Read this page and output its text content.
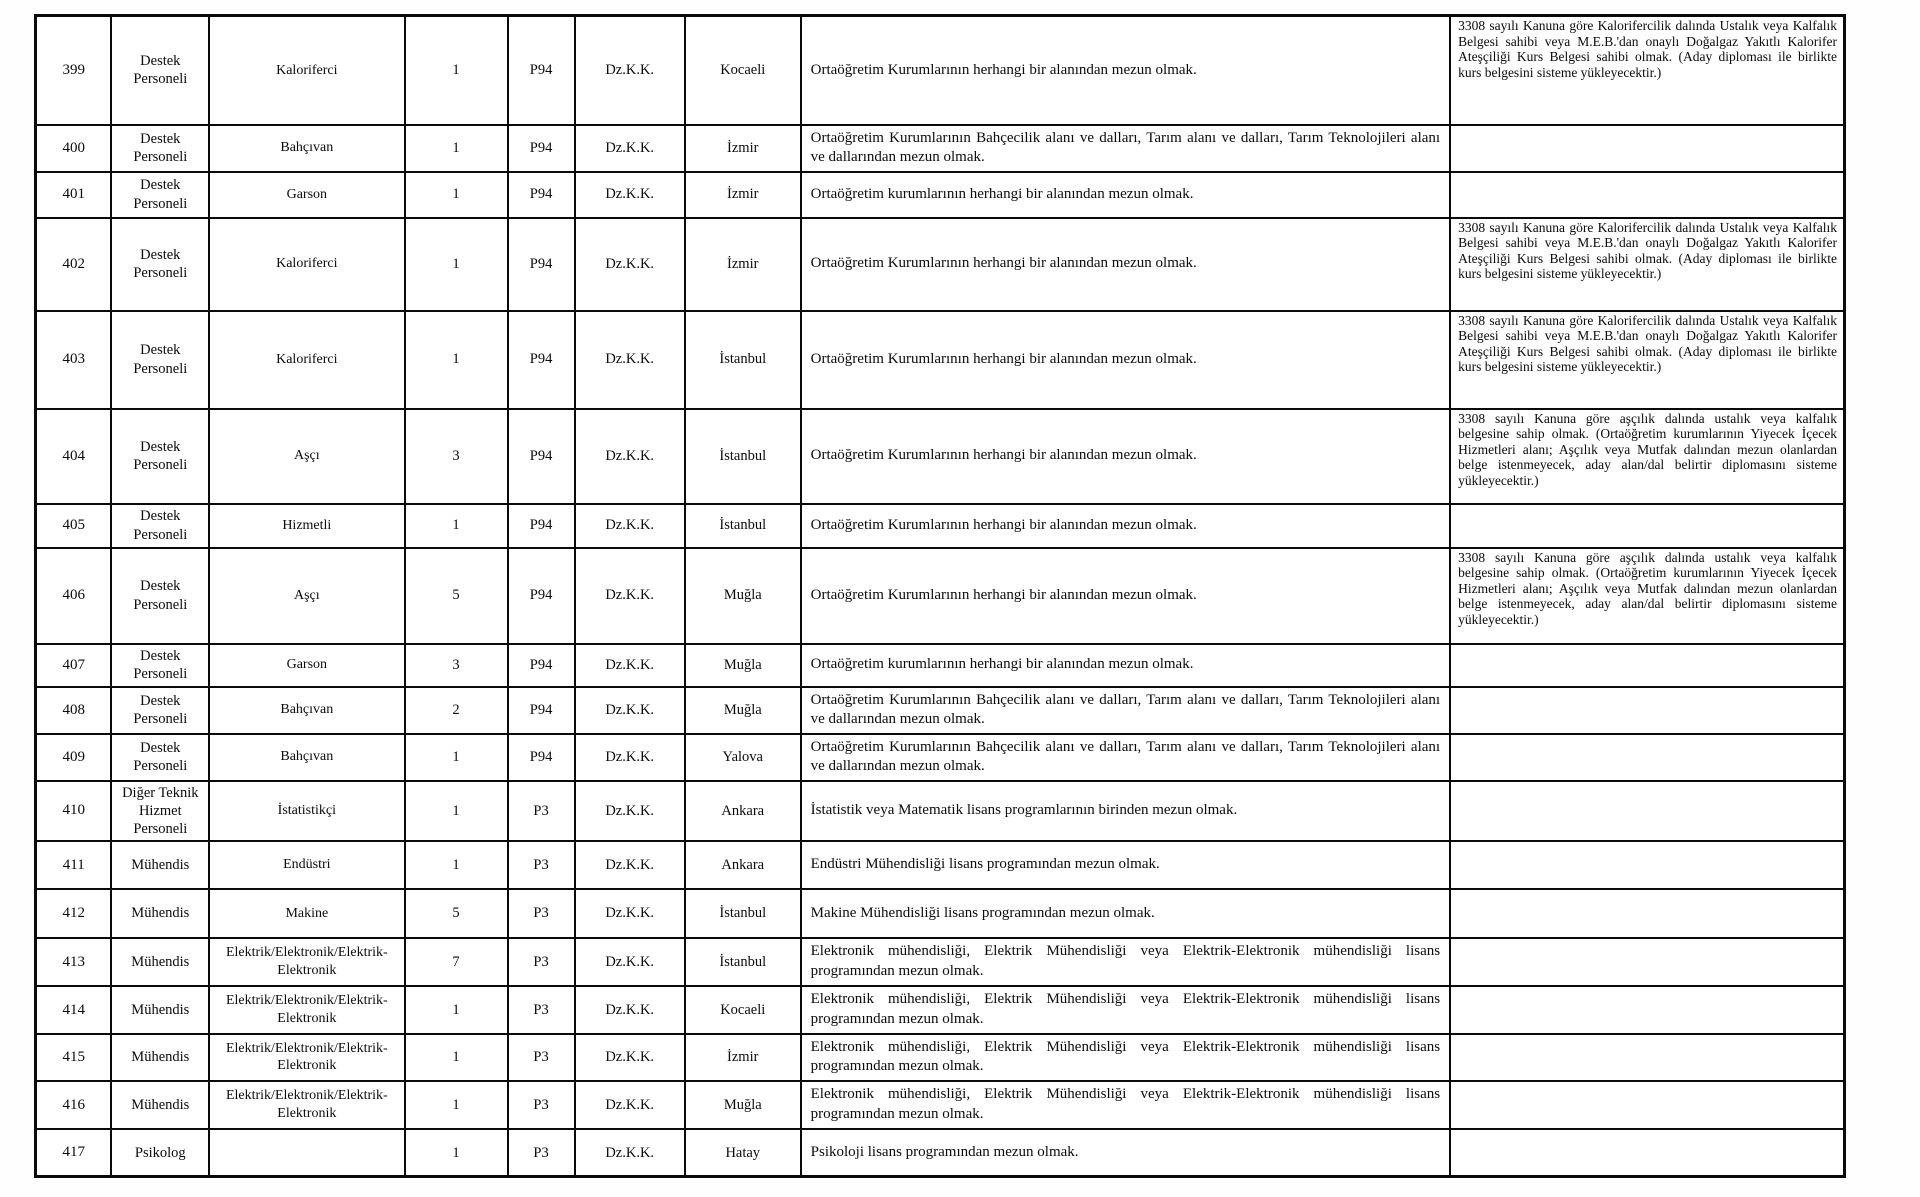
399	Destek Personeli	Kaloriferci	1	P94	Dz.K.K.	Kocaeli	Ortaöğretim Kurumlarının herhangi bir alanından mezun olmak.	3308 sayılı Kanuna göre Kalorifercilik dalında Ustalık veya Kalfalık Belgesi sahibi veya M.E.B.'dan onaylı Doğalgaz Yakıtlı Kalorifer Ateşçiliği Kurs Belgesi sahibi olmak. (Aday diploması ile birlikte kurs belgesini sisteme yükleyecektir.)
400	Destek Personeli	Bahçıvan	1	P94	Dz.K.K.	İzmir	Ortaöğretim Kurumlarının Bahçecilik alanı ve dalları, Tarım alanı ve dalları, Tarım Teknolojileri alanı ve dallarından mezun olmak.	
401	Destek Personeli	Garson	1	P94	Dz.K.K.	İzmir	Ortaöğretim kurumlarının herhangi bir alanından mezun olmak.	
402	Destek Personeli	Kaloriferci	1	P94	Dz.K.K.	İzmir	Ortaöğretim Kurumlarının herhangi bir alanından mezun olmak.	3308 sayılı Kanuna göre Kalorifercilik dalında Ustalık veya Kalfalık Belgesi sahibi veya M.E.B.'dan onaylı Doğalgaz Yakıtlı Kalorifer Ateşçiliği Kurs Belgesi sahibi olmak. (Aday diploması ile birlikte kurs belgesini sisteme yükleyecektir.)
403	Destek Personeli	Kaloriferci	1	P94	Dz.K.K.	İstanbul	Ortaöğretim Kurumlarının herhangi bir alanından mezun olmak.	3308 sayılı Kanuna göre Kalorifercilik dalında Ustalık veya Kalfalık Belgesi sahibi veya M.E.B.'dan onaylı Doğalgaz Yakıtlı Kalorifer Ateşçiliği Kurs Belgesi sahibi olmak. (Aday diploması ile birlikte kurs belgesini sisteme yükleyecektir.)
404	Destek Personeli	Aşçı	3	P94	Dz.K.K.	İstanbul	Ortaöğretim Kurumlarının herhangi bir alanından mezun olmak.	3308 sayılı Kanuna göre aşçılık dalında ustalık veya kalfalık belgesine sahip olmak. (Ortaöğretim kurumlarının Yiyecek İçecek Hizmetleri alanı; Aşçılık veya Mutfak dalından mezun olanlardan belge istenmeyecek, aday alan/dal belirtir diplomasını sisteme yükleyecektir.)
405	Destek Personeli	Hizmetli	1	P94	Dz.K.K.	İstanbul	Ortaöğretim Kurumlarının herhangi bir alanından mezun olmak.	
406	Destek Personeli	Aşçı	5	P94	Dz.K.K.	Muğla	Ortaöğretim Kurumlarının herhangi bir alanından mezun olmak.	3308 sayılı Kanuna göre aşçılık dalında ustalık veya kalfalık belgesine sahip olmak. (Ortaöğretim kurumlarının Yiyecek İçecek Hizmetleri alanı; Aşçılık veya Mutfak dalından mezun olanlardan belge istenmeyecek, aday alan/dal belirtir diplomasını sisteme yükleyecektir.)
407	Destek Personeli	Garson	3	P94	Dz.K.K.	Muğla	Ortaöğretim kurumlarının herhangi bir alanından mezun olmak.	
408	Destek Personeli	Bahçıvan	2	P94	Dz.K.K.	Muğla	Ortaöğretim Kurumlarının Bahçecilik alanı ve dalları, Tarım alanı ve dalları, Tarım Teknolojileri alanı ve dallarından mezun olmak.	
409	Destek Personeli	Bahçıvan	1	P94	Dz.K.K.	Yalova	Ortaöğretim Kurumlarının Bahçecilik alanı ve dalları, Tarım alanı ve dalları, Tarım Teknolojileri alanı ve dallarından mezun olmak.	
410	Diğer Teknik Hizmet Personeli	İstatistikçi	1	P3	Dz.K.K.	Ankara	İstatistik veya Matematik lisans programlarının birinden mezun olmak.	
411	Mühendis	Endüstri	1	P3	Dz.K.K.	Ankara	Endüstri Mühendisliği lisans programından mezun olmak.	
412	Mühendis	Makine	5	P3	Dz.K.K.	İstanbul	Makine Mühendisliği lisans programından mezun olmak.	
413	Mühendis	Elektrik/Elektronik/Elektrik-Elektronik	7	P3	Dz.K.K.	İstanbul	Elektronik mühendisliği, Elektrik Mühendisliği veya Elektrik-Elektronik mühendisliği lisans programından mezun olmak.	
414	Mühendis	Elektrik/Elektronik/Elektrik-Elektronik	1	P3	Dz.K.K.	Kocaeli	Elektronik mühendisliği, Elektrik Mühendisliği veya Elektrik-Elektronik mühendisliği lisans programından mezun olmak.	
415	Mühendis	Elektrik/Elektronik/Elektrik-Elektronik	1	P3	Dz.K.K.	İzmir	Elektronik mühendisliği, Elektrik Mühendisliği veya Elektrik-Elektronik mühendisliği lisans programından mezun olmak.	
416	Mühendis	Elektrik/Elektronik/Elektrik-Elektronik	1	P3	Dz.K.K.	Muğla	Elektronik mühendisliği, Elektrik Mühendisliği veya Elektrik-Elektronik mühendisliği lisans programından mezun olmak.	
417	Psikolog		1	P3	Dz.K.K.	Hatay	Psikoloji lisans programından mezun olmak.	
